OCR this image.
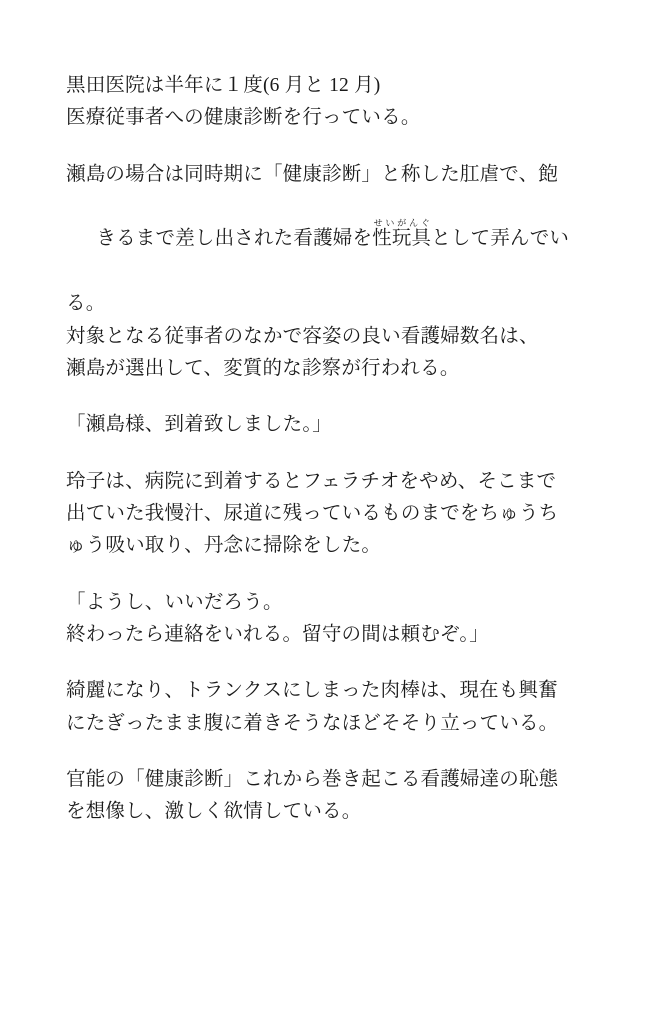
黒田医院は半年に１度(6 月と 12 月)
医療従事者への健康診断を行っている。
瀬島の場合は同時期に「健康診断」と称した肛虐で、飽

きるまで差し出された看護婦を性玩具せいがんぐとして弄んでい

る。
対象となる従事者のなかで容姿の良い看護婦数名は、
瀬島が選出して、変質的な診察が行われる。
「瀬島様、到着致しました。」
玲子は、病院に到着するとフェラチオをやめ、そこまで
出ていた我慢汁、尿道に残っているものまでをちゅうち
ゅう吸い取り、丹念に掃除をした。
「ようし、いいだろう。
終わったら連絡をいれる。留守の間は頼むぞ。」
綺麗になり、トランクスにしまった肉棒は、現在も興奮
にたぎったまま腹に着きそうなほどそそり立っている。
官能の「健康診断」これから巻き起こる看護婦達の恥態
を想像し、激しく欲情している。
